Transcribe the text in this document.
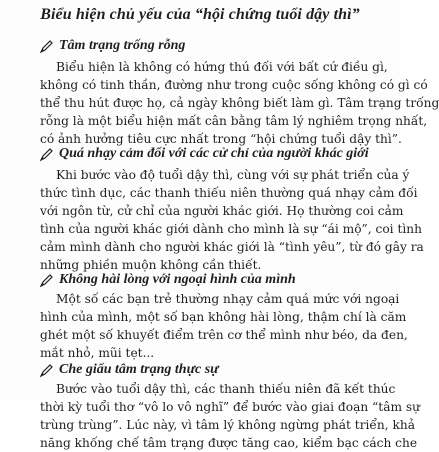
Biểu hiện chủ yếu của “hội chứng tuổi dậy thì”
Tâm trạng trống rỗng
Biểu hiện là không có hứng thú đối với bất cứ điều gì,
không có tinh thần, đường như trong cuộc sống không có gì có
thể thu hút được họ, cả ngày không biết làm gì. Tâm trạng trống
rỗng là một biểu hiện mất cân bằng tâm lý nghiêm trọng nhất,
có ảnh hưởng tiêu cực nhất trong “hội chứng tuổi dậy thì”.
Quá nhạy cảm đối với các cử chỉ của người khác giới
Khi bước vào độ tuổi dậy thì, cùng với sự phát triển của ý
thức tình dục, các thanh thiếu niên thường quá nhạy cảm đối
với ngôn từ, cử chỉ của người khác giới. Họ thường coi cảm
tình của người khác giới dành cho mình là sự “ái mộ”, coi tình
cảm mình dành cho người khác giới là “tình yêu”, từ đó gây ra
những phiền muộn không cần thiết.
Không hài lòng với ngoại hình của mình
Một số các bạn trẻ thường nhạy cảm quá mức với ngoại
hình của mình, một số bạn không hài lòng, thậm chí là căm
ghét một số khuyết điểm trên cơ thể mình như béo, da đen,
mắt nhỏ, mũi tẹt...
Che giấu tâm trạng thực sự
Bước vào tuổi dậy thì, các thanh thiếu niên đã kết thúc
thời kỳ tuổi thơ “vô lo vô nghĩ” để bước vào giai đoạn “tâm sự
trùng trùng”. Lúc này, vì tâm lý không ngừng phát triển, khả
năng khống chế tâm trạng được tăng cao, kiểm bạc cách che
